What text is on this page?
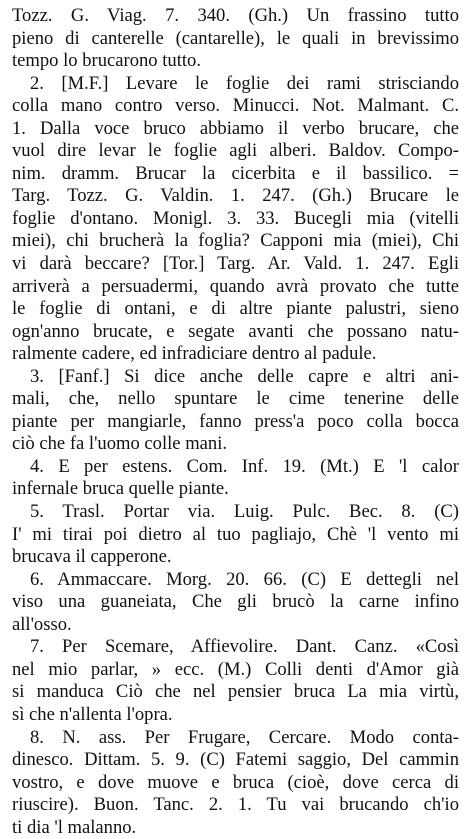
Tozz. G. Viag. 7. 340. (Gh.) Un frassino tutto
pieno di canterelle (cantarelle), le quali in brevissimo
tempo lo brucarono tutto.
2. [M.F.] Levare le foglie dei rami strisciando
colla mano contro verso. Minucci. Not. Malmant. C.
1. Dalla voce bruco abbiamo il verbo brucare, che
vuol dire levar le foglie agli alberi. Baldov. Compo-
nim. dramm. Brucar la cicerbita e il bassilico. =
Targ. Tozz. G. Valdin. 1. 247. (Gh.) Brucare le
foglie d'ontano. Monigl. 3. 33. Bucegli mia (vitelli
miei), chi brucherà la foglia? Capponi mia (miei), Chi
vi darà beccare? [Tor.] Targ. Ar. Vald. 1. 247. Egli
arriverà a persuadermi, quando avrà provato che tutte
le foglie di ontani, e di altre piante palustri, sieno
ogn'anno brucate, e segate avanti che possano natu-
ralmente cadere, ed infradiciare dentro al padule.
3. [Fanf.] Si dice anche delle capre e altri ani-
mali, che, nello spuntare le cime tenerine delle
piante per mangiarle, fanno press'a poco colla bocca
ciò che fa l'uomo colle mani.
4. E per estens. Com. Inf. 19. (Mt.) E 'l calor
infernale bruca quelle piante.
5. Trasl. Portar via. Luig. Pulc. Bec. 8. (C)
I' mi tirai poi dietro al tuo pagliajo, Chè 'l vento mi
brucava il capperone.
6. Ammaccare. Morg. 20. 66. (C) E dettegli nel
viso una guaneiata, Che gli brucò la carne infino
all'osso.
7. Per Scemare, Affievolire. Dant. Canz. «Così
nel mio parlar, » ecc. (M.) Colli denti d'Amor già
si manduca Ciò che nel pensier bruca La mia virtù,
sì che n'allenta l'opra.
8. N. ass. Per Frugare, Cercare. Modo conta-
dinesco. Dittam. 5. 9. (C) Fatemi saggio, Del cammin
vostro, e dove muove e bruca (cioè, dove cerca di
riuscire). Buon. Tanc. 2. 1. Tu vai brucando ch'io
ti dia 'l malanno.
